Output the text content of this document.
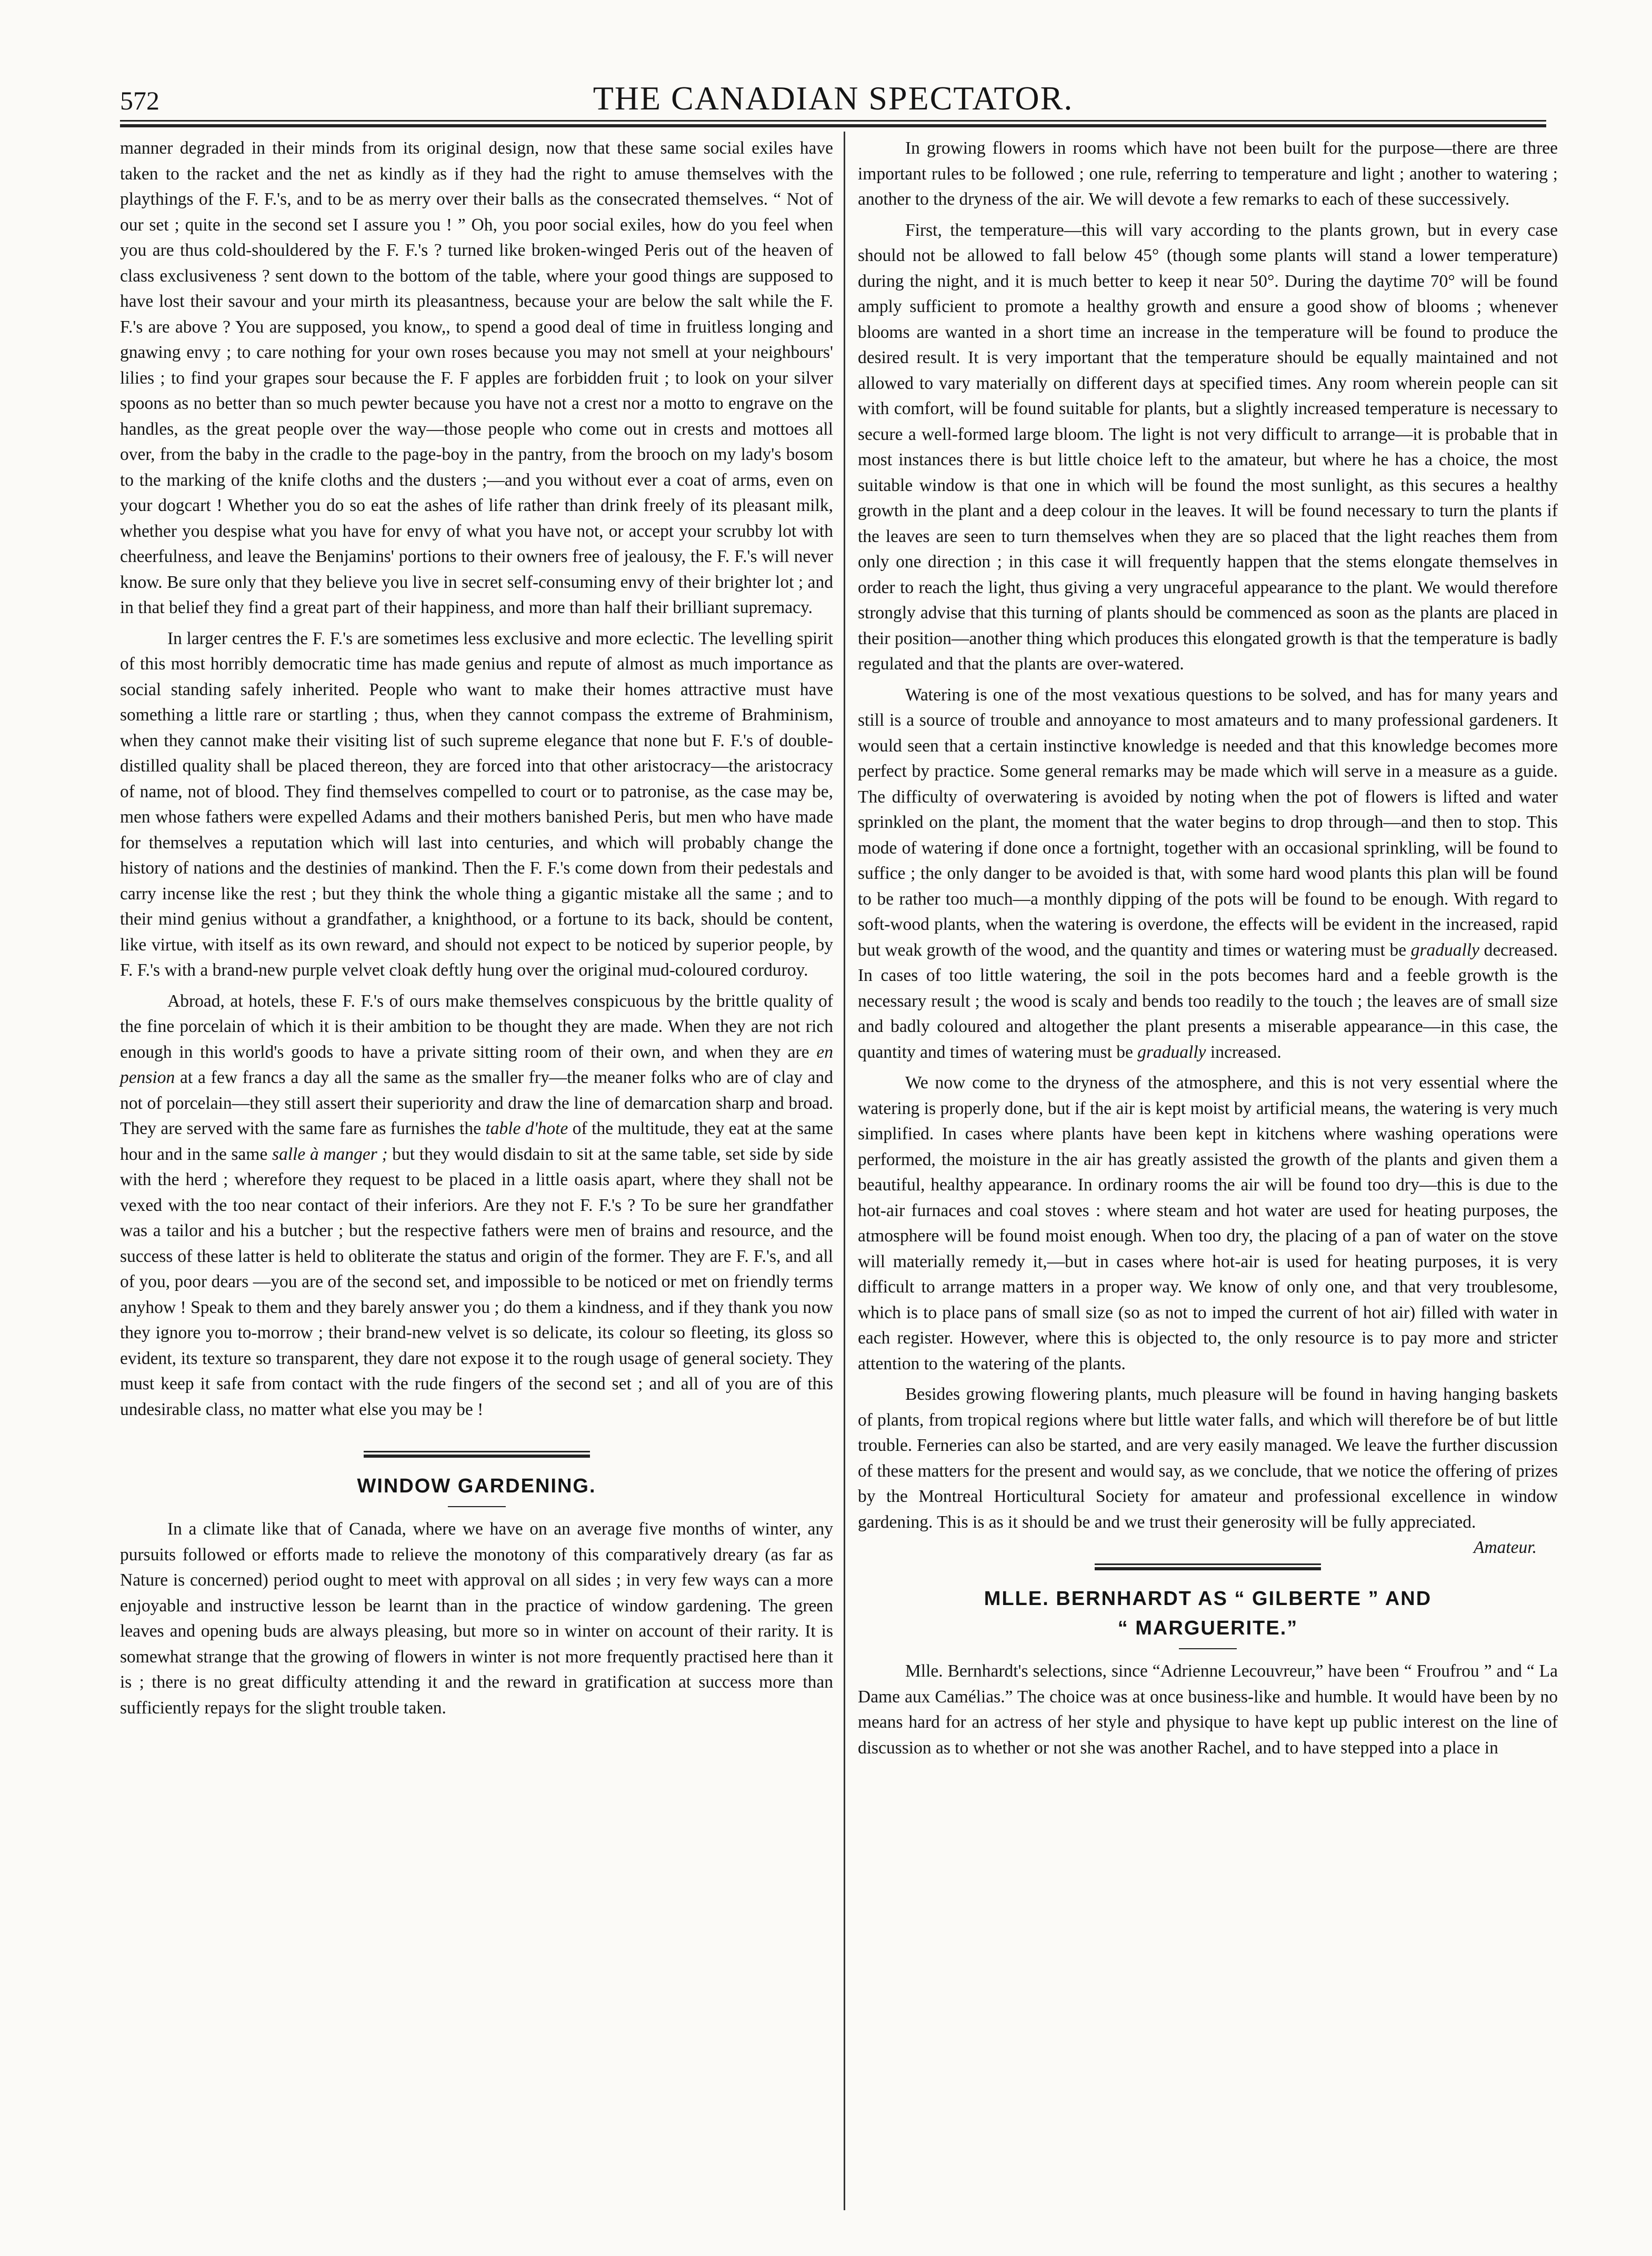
572	THE CANADIAN SPECTATOR.

manner degraded in their minds from its original design, now that these same social exiles have taken to the racket and the net as kindly as if they had the right to amuse themselves with the playthings of the F. F.'s, and to be as merry over their balls as the consecrated themselves. “ Not of our set ; quite in the second set I assure you ! ” Oh, you poor social exiles, how do you feel when you are thus cold-shouldered by the F. F.'s ? turned like broken-winged Peris out of the heaven of class exclusiveness ? sent down to the bottom of the table, where your good things are supposed to have lost their savour and your mirth its pleasantness, because your are below the salt while the F. F.'s are above ? You are supposed, you know,, to spend a good deal of time in fruitless longing and gnawing envy ; to care nothing for your own roses because you may not smell at your neighbours' lilies ; to find your grapes sour because the F. F apples are forbidden fruit ; to look on your silver spoons as no better than so much pewter because you have not a crest nor a motto to engrave on the handles, as the great people over the way—those people who come out in crests and mottoes all over, from the baby in the cradle to the page-boy in the pantry, from the brooch on my lady's bosom to the marking of the knife cloths and the dusters ;—and you without ever a coat of arms, even on your dogcart ! Whether you do so eat the ashes of life rather than drink freely of its pleasant milk, whether you despise what you have for envy of what you have not, or accept your scrubby lot with cheerfulness, and leave the Benjamins' portions to their owners free of jealousy, the F. F.'s will never know. Be sure only that they believe you live in secret self-consuming envy of their brighter lot ; and in that belief they find a great part of their happiness, and more than half their brilliant supremacy.

In larger centres the F. F.'s are sometimes less exclusive and more eclectic. The levelling spirit of this most horribly democratic time has made genius and repute of almost as much importance as social standing safely inherited. People who want to make their homes attractive must have something a little rare or startling ; thus, when they cannot compass the extreme of Brahminism, when they cannot make their visiting list of such supreme elegance that none but F. F.'s of double-distilled quality shall be placed thereon, they are forced into that other aristocracy—the aristocracy of name, not of blood. They find themselves compelled to court or to patronise, as the case may be, men whose fathers were expelled Adams and their mothers banished Peris, but men who have made for themselves a reputation which will last into centuries, and which will probably change the history of nations and the destinies of mankind. Then the F. F.'s come down from their pedestals and carry incense like the rest ; but they think the whole thing a gigantic mistake all the same ; and to their mind genius without a grandfather, a knighthood, or a fortune to its back, should be content, like virtue, with itself as its own reward, and should not expect to be noticed by superior people, by F. F.'s with a brand-new purple velvet cloak deftly hung over the original mud-coloured corduroy.

Abroad, at hotels, these F. F.'s of ours make themselves conspicuous by the brittle quality of the fine porcelain of which it is their ambition to be thought they are made. When they are not rich enough in this world's goods to have a private sitting room of their own, and when they are en pension at a few francs a day all the same as the smaller fry—the meaner folks who are of clay and not of porcelain—they still assert their superiority and draw the line of demarcation sharp and broad. They are served with the same fare as furnishes the table d'hote of the multitude, they eat at the same hour and in the same salle à manger ; but they would disdain to sit at the same table, set side by side with the herd ; wherefore they request to be placed in a little oasis apart, where they shall not be vexed with the too near contact of their inferiors. Are they not F. F.'s ? To be sure her grandfather was a tailor and his a butcher ; but the respective fathers were men of brains and resource, and the success of these latter is held to obliterate the status and origin of the former. They are F. F.'s, and all of you, poor dears —you are of the second set, and impossible to be noticed or met on friendly terms anyhow ! Speak to them and they barely answer you ; do them a kindness, and if they thank you now they ignore you to-morrow ; their brand-new velvet is so delicate, its colour so fleeting, its gloss so evident, its texture so transparent, they dare not expose it to the rough usage of general society. They must keep it safe from contact with the rude fingers of the second set ; and all of you are of this undesirable class, no matter what else you may be !

WINDOW GARDENING.

In a climate like that of Canada, where we have on an average five months of winter, any pursuits followed or efforts made to relieve the monotony of this comparatively dreary (as far as Nature is concerned) period ought to meet with approval on all sides ; in very few ways can a more enjoyable and instructive lesson be learnt than in the practice of window gardening. The green leaves and opening buds are always pleasing, but more so in winter on account of their rarity. It is somewhat strange that the growing of flowers in winter is not more frequently practised here than it is ; there is no great difficulty attending it and the reward in gratification at success more than sufficiently repays for the slight trouble taken.

In growing flowers in rooms which have not been built for the purpose—there are three important rules to be followed ; one rule, referring to temperature and light ; another to watering ; another to the dryness of the air. We will devote a few remarks to each of these successively.

First, the temperature—this will vary according to the plants grown, but in every case should not be allowed to fall below 45° (though some plants will stand a lower temperature) during the night, and it is much better to keep it near 50°. During the daytime 70° will be found amply sufficient to promote a healthy growth and ensure a good show of blooms ; whenever blooms are wanted in a short time an increase in the temperature will be found to produce the desired result. It is very important that the temperature should be equally maintained and not allowed to vary materially on different days at specified times. Any room wherein people can sit with comfort, will be found suitable for plants, but a slightly increased temperature is necessary to secure a well-formed large bloom. The light is not very difficult to arrange—it is probable that in most instances there is but little choice left to the amateur, but where he has a choice, the most suitable window is that one in which will be found the most sunlight, as this secures a healthy growth in the plant and a deep colour in the leaves. It will be found necessary to turn the plants if the leaves are seen to turn themselves when they are so placed that the light reaches them from only one direction ; in this case it will frequently happen that the stems elongate themselves in order to reach the light, thus giving a very ungraceful appearance to the plant. We would therefore strongly advise that this turning of plants should be commenced as soon as the plants are placed in their position—another thing which produces this elongated growth is that the temperature is badly regulated and that the plants are over-watered.

Watering is one of the most vexatious questions to be solved, and has for many years and still is a source of trouble and annoyance to most amateurs and to many professional gardeners. It would seen that a certain instinctive knowledge is needed and that this knowledge becomes more perfect by practice. Some general remarks may be made which will serve in a measure as a guide. The difficulty of overwatering is avoided by noting when the pot of flowers is lifted and water sprinkled on the plant, the moment that the water begins to drop through—and then to stop. This mode of watering if done once a fortnight, together with an occasional sprinkling, will be found to suffice ; the only danger to be avoided is that, with some hard wood plants this plan will be found to be rather too much—a monthly dipping of the pots will be found to be enough. With regard to soft-wood plants, when the watering is overdone, the effects will be evident in the increased, rapid but weak growth of the wood, and the quantity and times or watering must be gradually decreased. In cases of too little watering, the soil in the pots becomes hard and a feeble growth is the necessary result ; the wood is scaly and bends too readily to the touch ; the leaves are of small size and badly coloured and altogether the plant presents a miserable appearance—in this case, the quantity and times of watering must be gradually increased.

We now come to the dryness of the atmosphere, and this is not very essential where the watering is properly done, but if the air is kept moist by artificial means, the watering is very much simplified. In cases where plants have been kept in kitchens where washing operations were performed, the moisture in the air has greatly assisted the growth of the plants and given them a beautiful, healthy appearance. In ordinary rooms the air will be found too dry—this is due to the hot-air furnaces and coal stoves : where steam and hot water are used for heating purposes, the atmosphere will be found moist enough. When too dry, the placing of a pan of water on the stove will materially remedy it,—but in cases where hot-air is used for heating purposes, it is very difficult to arrange matters in a proper way. We know of only one, and that very troublesome, which is to place pans of small size (so as not to imped the current of hot air) filled with water in each register. However, where this is objected to, the only resource is to pay more and stricter attention to the watering of the plants.

Besides growing flowering plants, much pleasure will be found in having hanging baskets of plants, from tropical regions where but little water falls, and which will therefore be of but little trouble. Ferneries can also be started, and are very easily managed. We leave the further discussion of these matters for the present and would say, as we conclude, that we notice the offering of prizes by the Montreal Horticultural Society for amateur and professional excellence in window gardening. This is as it should be and we trust their generosity will be fully appreciated.
Amateur.

MLLE. BERNHARDT AS “ GILBERTE ” AND
“ MARGUERITE.”

Mlle. Bernhardt's selections, since “Adrienne Lecouvreur,” have been “ Froufrou ” and “ La Dame aux Camélias.” The choice was at once business-like and humble. It would have been by no means hard for an actress of her style and physique to have kept up public interest on the line of discussion as to whether or not she was another Rachel, and to have stepped into a place in
